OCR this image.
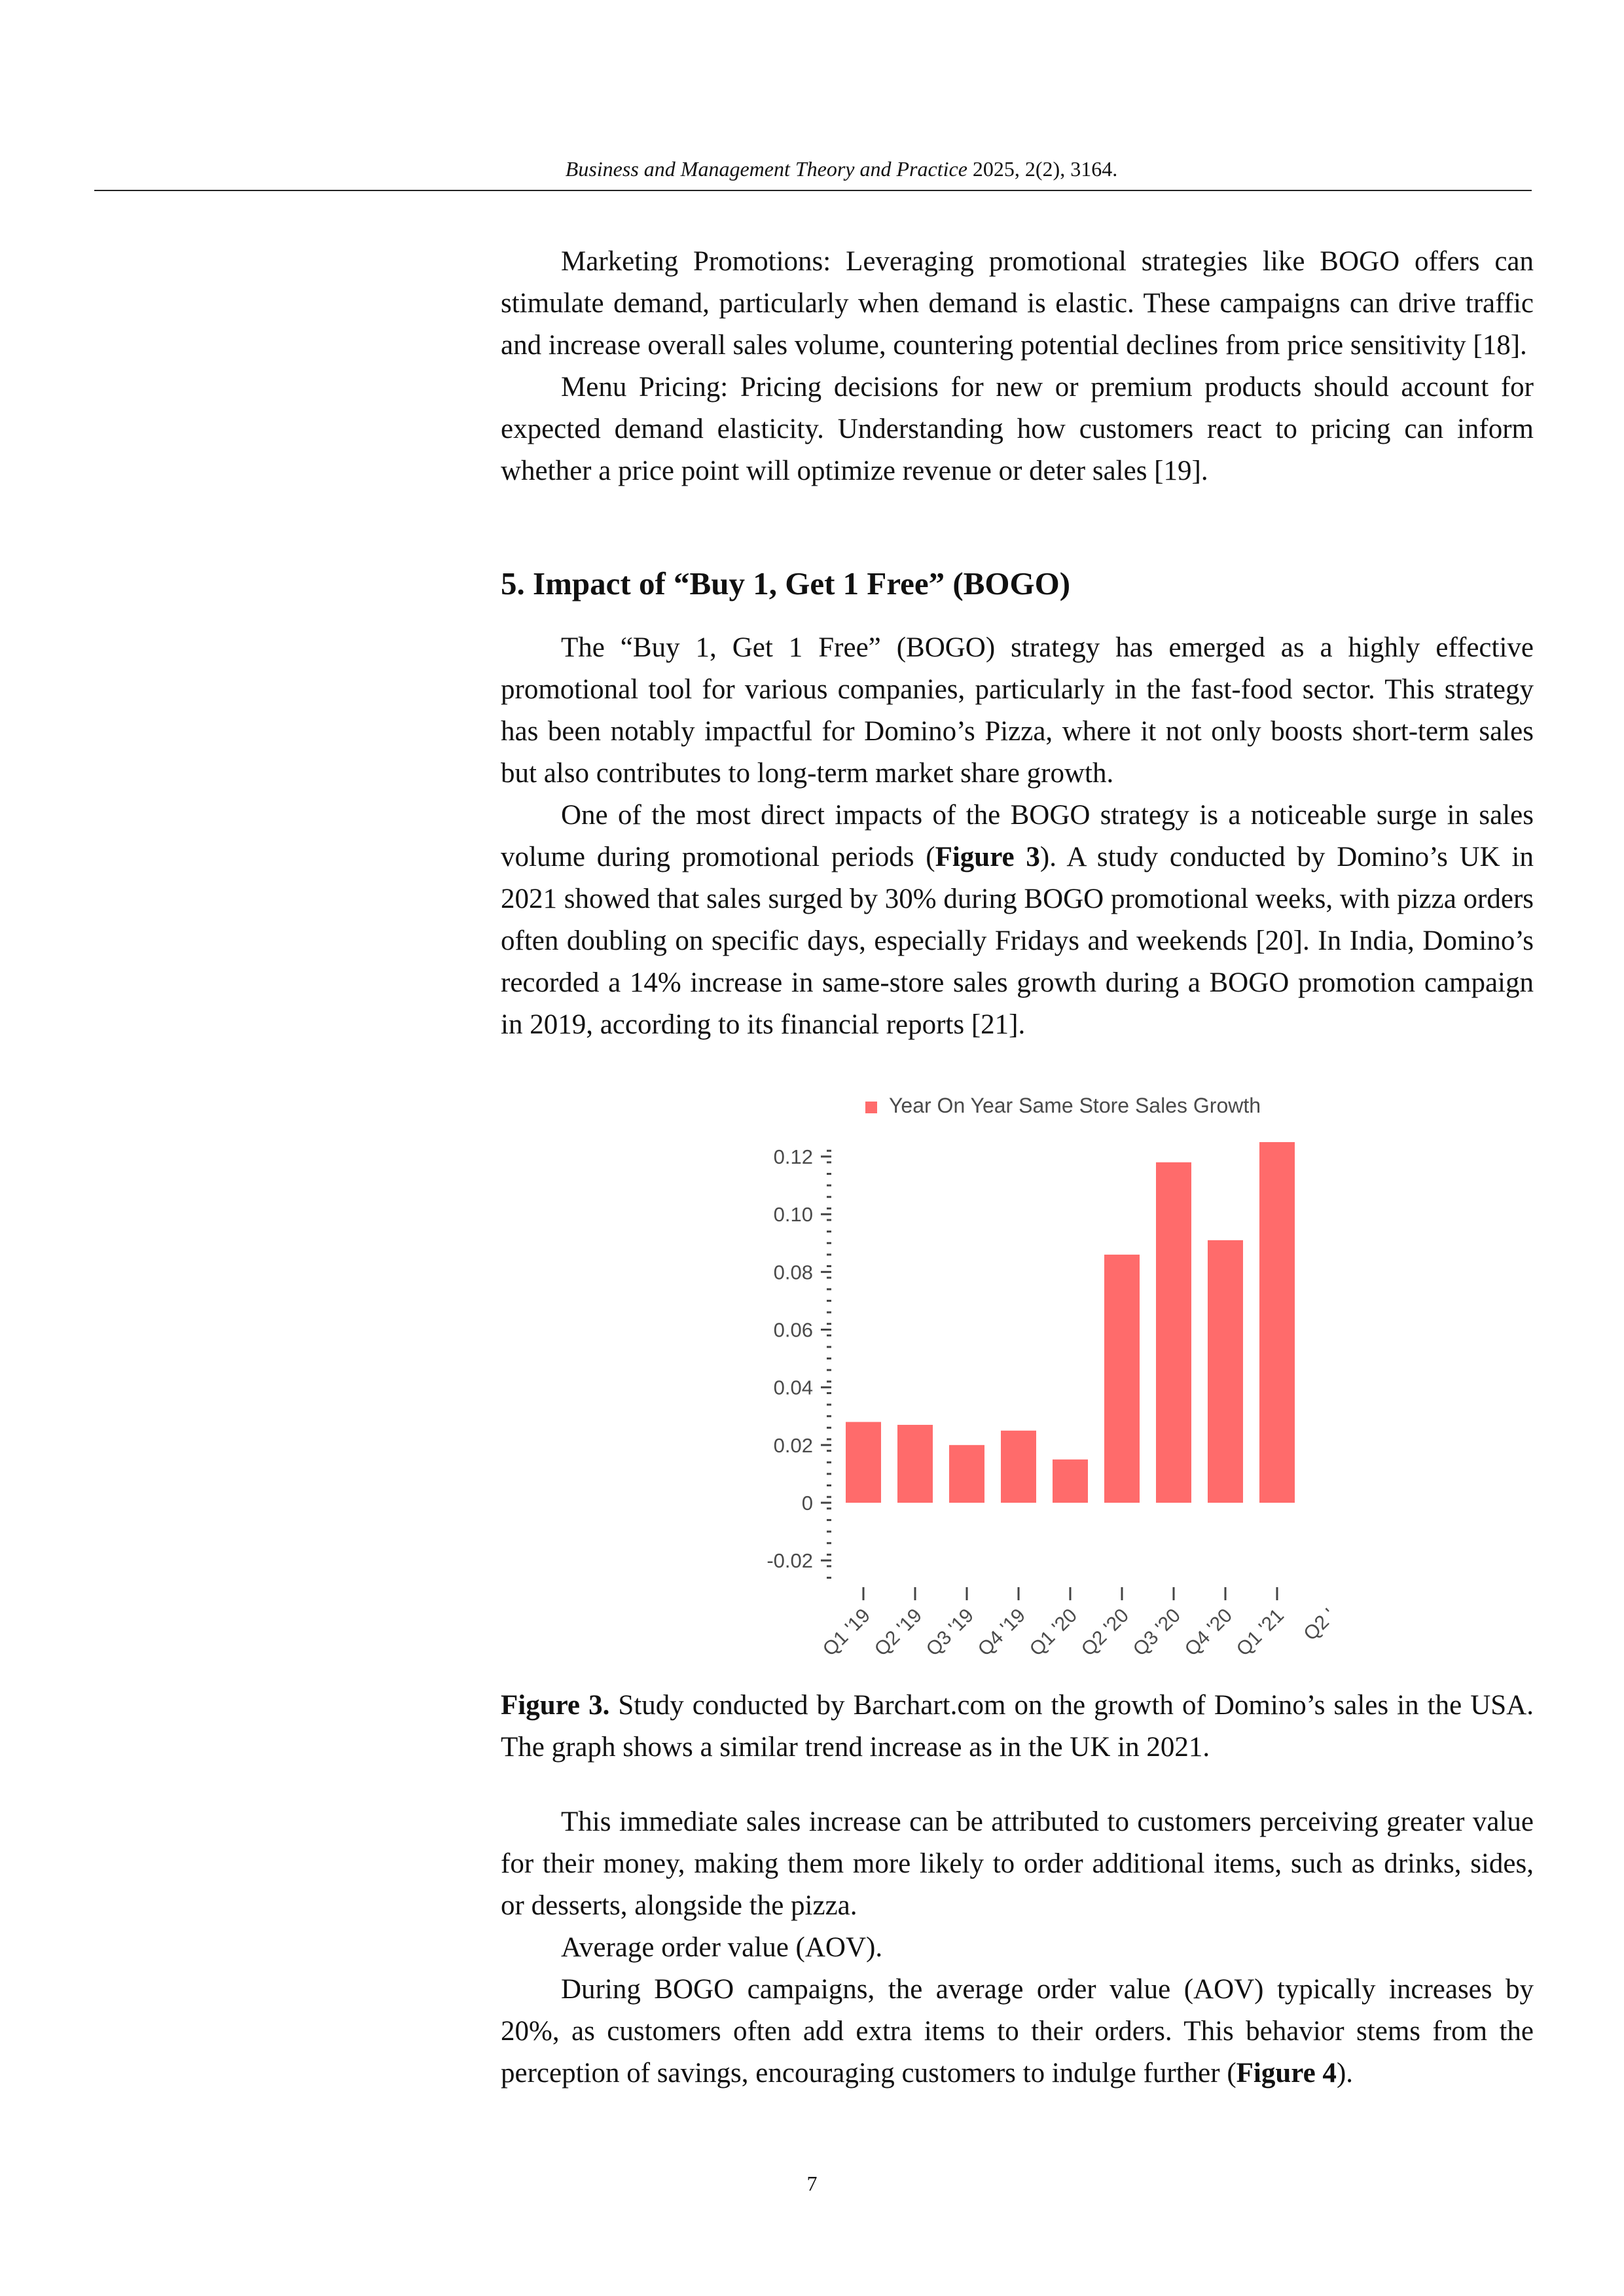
Business and Management Theory and Practice 2025, 2(2), 3164.

Marketing Promotions: Leveraging promotional strategies like BOGO offers can stimulate demand, particularly when demand is elastic. These campaigns can drive traffic and increase overall sales volume, countering potential declines from price sensitivity [18].

Menu Pricing: Pricing decisions for new or premium products should account for expected demand elasticity. Understanding how customers react to pricing can inform whether a price point will optimize revenue or deter sales [19].

5. Impact of “Buy 1, Get 1 Free” (BOGO)

The “Buy 1, Get 1 Free” (BOGO) strategy has emerged as a highly effective promotional tool for various companies, particularly in the fast-food sector. This strategy has been notably impactful for Domino’s Pizza, where it not only boosts short-term sales but also contributes to long-term market share growth.

One of the most direct impacts of the BOGO strategy is a noticeable surge in sales volume during promotional periods (Figure 3). A study conducted by Domino’s UK in 2021 showed that sales surged by 30% during BOGO promotional weeks, with pizza orders often doubling on specific days, especially Fridays and weekends [20]. In India, Domino’s recorded a 14% increase in same-store sales growth during a BOGO promotion campaign in 2019, according to its financial reports [21].

Year On Year Same Store Sales Growth
0.12
0.10
0.08
0.06
0.04
0.02
0
-0.02
Q1 '19
Q2 '19
Q3 '19
Q4 '19
Q1 '20
Q2 '20
Q3 '20
Q4 '20
Q1 '21 Q2 '

Figure 3. Study conducted by Barchart.com on the growth of Domino’s sales in the USA. The graph shows a similar trend increase as in the UK in 2021.

This immediate sales increase can be attributed to customers perceiving greater value for their money, making them more likely to order additional items, such as drinks, sides, or desserts, alongside the pizza.

Average order value (AOV).

During BOGO campaigns, the average order value (AOV) typically increases by 20%, as customers often add extra items to their orders. This behavior stems from the perception of savings, encouraging customers to indulge further (Figure 4).

7
